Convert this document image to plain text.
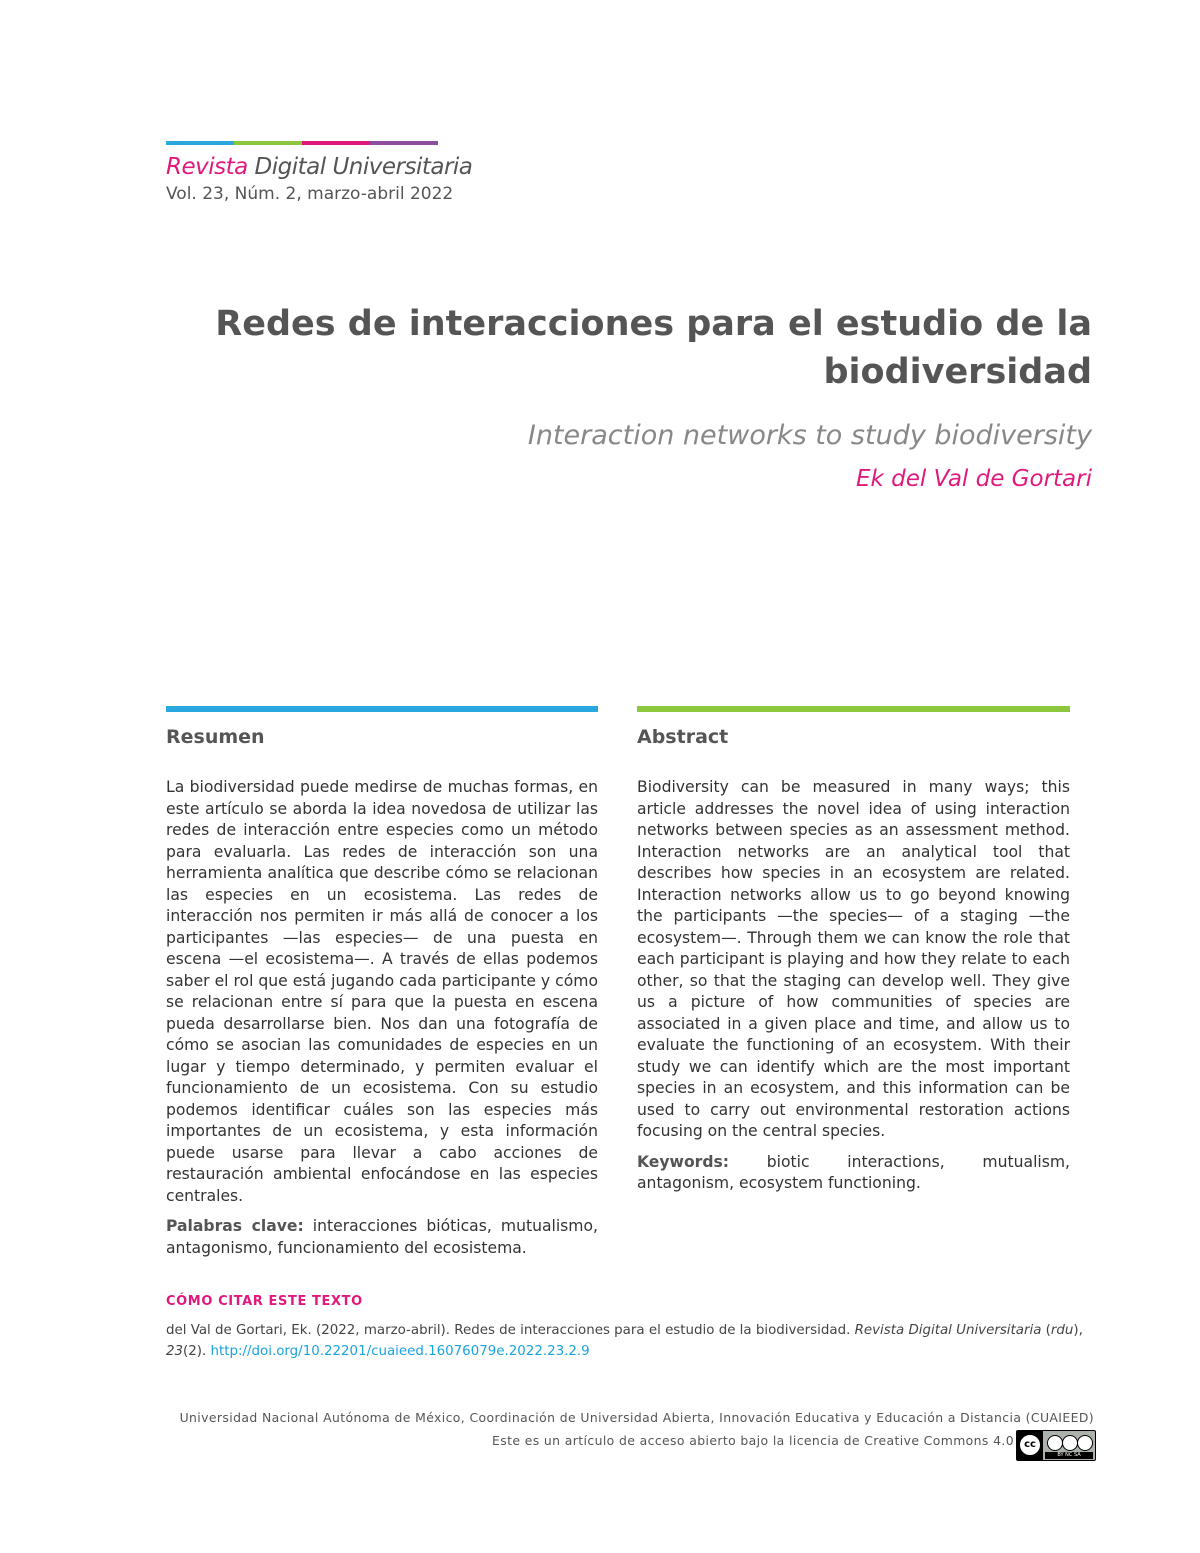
Revista Digital Universitaria
Vol. 23, Núm. 2, marzo-abril 2022
Redes de interacciones para el estudio de la biodiversidad
Interaction networks to study biodiversity
Ek del Val de Gortari
Resumen

La biodiversidad puede medirse de muchas formas, en este artículo se aborda la idea novedosa de utilizar las redes de interacción entre especies como un método para evaluarla. Las redes de interacción son una herramienta analítica que describe cómo se relacionan las especies en un ecosistema. Las redes de interacción nos permiten ir más allá de conocer a los participantes —las especies— de una puesta en escena —el ecosistema—. A través de ellas podemos saber el rol que está jugando cada participante y cómo se relacionan entre sí para que la puesta en escena pueda desarrollarse bien. Nos dan una fotografía de cómo se asocian las comunidades de especies en un lugar y tiempo determinado, y permiten evaluar el funcionamiento de un ecosistema. Con su estudio podemos identificar cuáles son las especies más importantes de un ecosistema, y esta información puede usarse para llevar a cabo acciones de restauración ambiental enfocándose en las especies centrales.

Palabras clave: interacciones bióticas, mutualismo, antagonismo, funcionamiento del ecosistema.

Abstract

Biodiversity can be measured in many ways; this article addresses the novel idea of using interaction networks between species as an assessment method. Interaction networks are an analytical tool that describes how species in an ecosystem are related. Interaction networks allow us to go beyond knowing the participants —the species— of a staging —the ecosystem—. Through them we can know the role that each participant is playing and how they relate to each other, so that the staging can develop well. They give us a picture of how communities of species are associated in a given place and time, and allow us to evaluate the functioning of an ecosystem. With their study we can identify which are the most important species in an ecosystem, and this information can be used to carry out environmental restoration actions focusing on the central species.

Keywords: biotic interactions, mutualism, antagonism, ecosystem functioning.

CÓMO CITAR ESTE TEXTO
del Val de Gortari, Ek. (2022, marzo-abril). Redes de interacciones para el estudio de la biodiversidad. Revista Digital Universitaria (rdu), 23(2). http://doi.org/10.22201/cuaieed.16076079e.2022.23.2.9
Universidad Nacional Autónoma de México, Coordinación de Universidad Abierta, Innovación Educativa y Educación a Distancia (CUAIEED)
Este es un artículo de acceso abierto bajo la licencia de Creative Commons 4.0	cc
BY NC SA
